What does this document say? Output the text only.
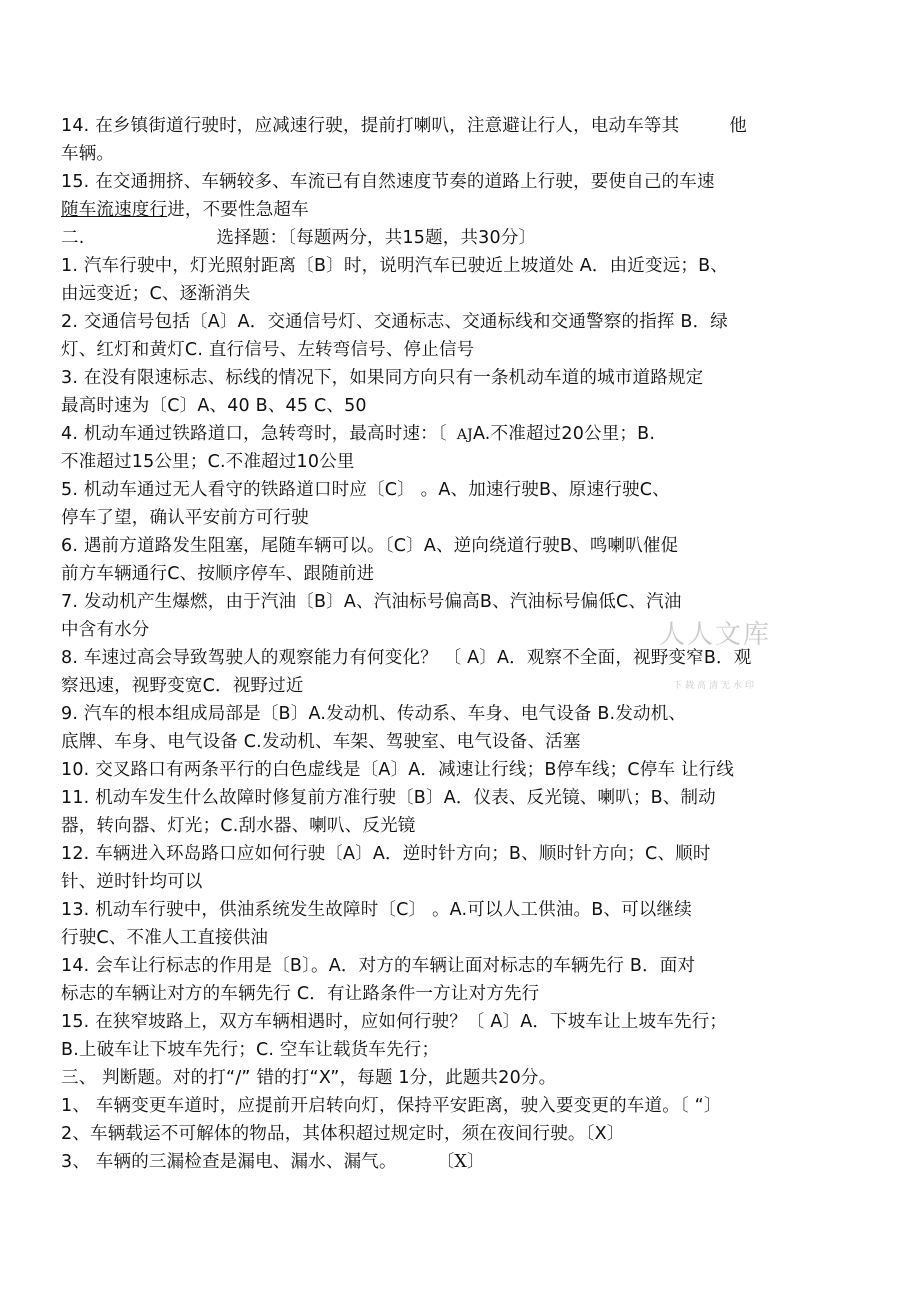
14. 在乡镇街道行驶时，应减速行驶，提前打喇叭，注意避让行人，电动车等其	他
车辆。
15. 在交通拥挤、车辆较多、车流已有自然速度节奏的道路上行驶，要使自己的车速
随车流速度行进，不要性急超车
二.	选择题：〔每题两分，共15题，共30分〕
1. 汽车行驶中，灯光照射距离〔B〕时，说明汽车已驶近上坡道处 A．由近变远；B、
由远变近；C、逐渐消失
2. 交通信号包括〔A〕A．交通信号灯、交通标志、交通标线和交通警察的指挥 B．绿
灯、红灯和黄灯C. 直行信号、左转弯信号、停止信号
3. 在没有限速标志、标线的情况下，如果同方向只有一条机动车道的城市道路规定
最高时速为〔C〕A、40 B、45 C、50
4. 机动车通过铁路道口，急转弯时，最高时速：〔 AJA.不准超过20公里；B.
不准超过15公里；C.不准超过10公里
5. 机动车通过无人看守的铁路道口时应〔C〕 。A、加速行驶B、原速行驶C、
停车了望，确认平安前方可行驶
6. 遇前方道路发生阻塞，尾随车辆可以。〔C〕A、逆向绕道行驶B、鸣喇叭催促
前方车辆通行C、按顺序停车、跟随前进
7. 发动机产生爆燃，由于汽油〔B〕A、汽油标号偏高B、汽油标号偏低C、汽油
中含有水分
8. 车速过高会导致驾驶人的观察能力有何变化？ 〔 A〕A．观察不全面，视野变窄B．观
察迅速，视野变宽C．视野过近
9. 汽车的根本组成局部是〔B〕A.发动机、传动系、车身、电气设备 B.发动机、
底牌、车身、电气设备 C.发动机、车架、驾驶室、电气设备、活塞
10. 交叉路口有两条平行的白色虚线是〔A〕A．减速让行线；B停车线；C停车 让行线
11. 机动车发生什么故障时修复前方准行驶〔B〕A．仪表、反光镜、喇叭；B、制动
器，转向器、灯光；C.刮水器、喇叭、反光镜
12. 车辆进入环岛路口应如何行驶〔A〕A．逆时针方向；B、顺时针方向；C、顺时
针、逆时针均可以
13. 机动车行驶中，供油系统发生故障时〔C〕 。A.可以人工供油。B、可以继续
行驶C、不准人工直接供油
14. 会车让行标志的作用是〔B〕。A．对方的车辆让面对标志的车辆先行 B．面对
标志的车辆让对方的车辆先行 C．有让路条件一方让对方先行
15. 在狭窄坡路上，双方车辆相遇时，应如何行驶？〔 A〕A．下坡车让上坡车先行；
B.上破车让下坡车先行；C. 空车让载货车先行；
三、 判断题。对的打“/” 错的打“X”，每题 1分，此题共20分。
1、 车辆变更车道时，应提前开启转向灯，保持平安距离，驶入要变更的车道。〔 “〕
2、车辆载运不可解体的物品，其体积超过规定时，须在夜间行驶。〔X〕
3、 车辆的三漏检查是漏电、漏水、漏气。 〔X〕
人人文库
下载高清无水印
